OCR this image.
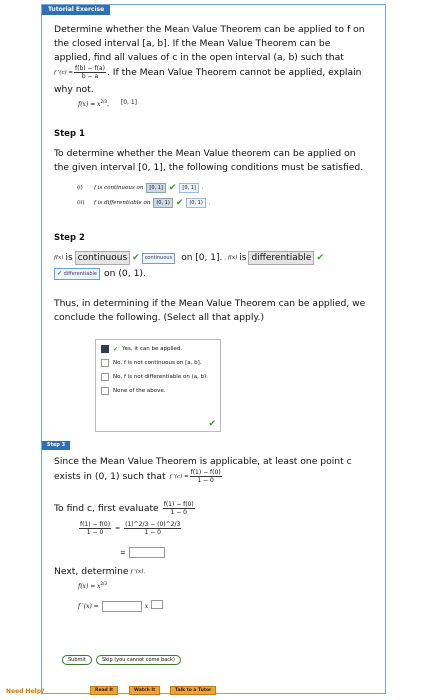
Tutorial Exercise
Determine whether the Mean Value Theorem can be applied to f on
the closed interval [a, b]. If the Mean Value Theorem can be
applied, find all values of c in the open interval (a, b) such that
f '$(c) = \frac{f(b) - f(a)}{b - a}$ . If the Mean Value Theorem cannot be applied, explain
why not.
$f(x) = x^{2/3}$, [0, 1]
Step 1
To determine whether the Mean Value theorem can be applied on
the given interval [0, 1], the following conditions must be satisfied.
(i)	f is continuous on	[0, 1] ✔	[0, 1]	.
(ii)	f is differentiable on	(0, 1) ✔	(0, 1)	.
Step 2
f(x) is continuous ✔	continuous	on [0, 1]. , f(x) is differentiable ✔
✔ differentiable on (0, 1).
Thus, in determining if the Mean Value Theorem can be applied, we
conclude the following. (Select all that apply.)
✔ Yes, it can be applied.
No, f is not continuous on [a, b].
No, f is not differentiable on (a, b).
None of the above.
✔
Step 3
Since the Mean Value Theorem is applicable, at least one point c
exists in (0, 1) such that f '$(c) = \frac{f(1) - f(0)}{1 - 0}$
To find c, first evaluate $\frac{f(1) - f(0)}{1 - 0}$
$\frac{f(1) - f(0)}{1 - 0} = \frac{(1)\^{}2/3 - (0)\^{}2/3}{1 - 0}$
=
Next, determine f '(x).
$f(x) = x^{2/3}$
f '(x) =	x
Submit	Skip (you cannot come back)
Need Help?	Read It	Watch It	Talk to a Tutor
